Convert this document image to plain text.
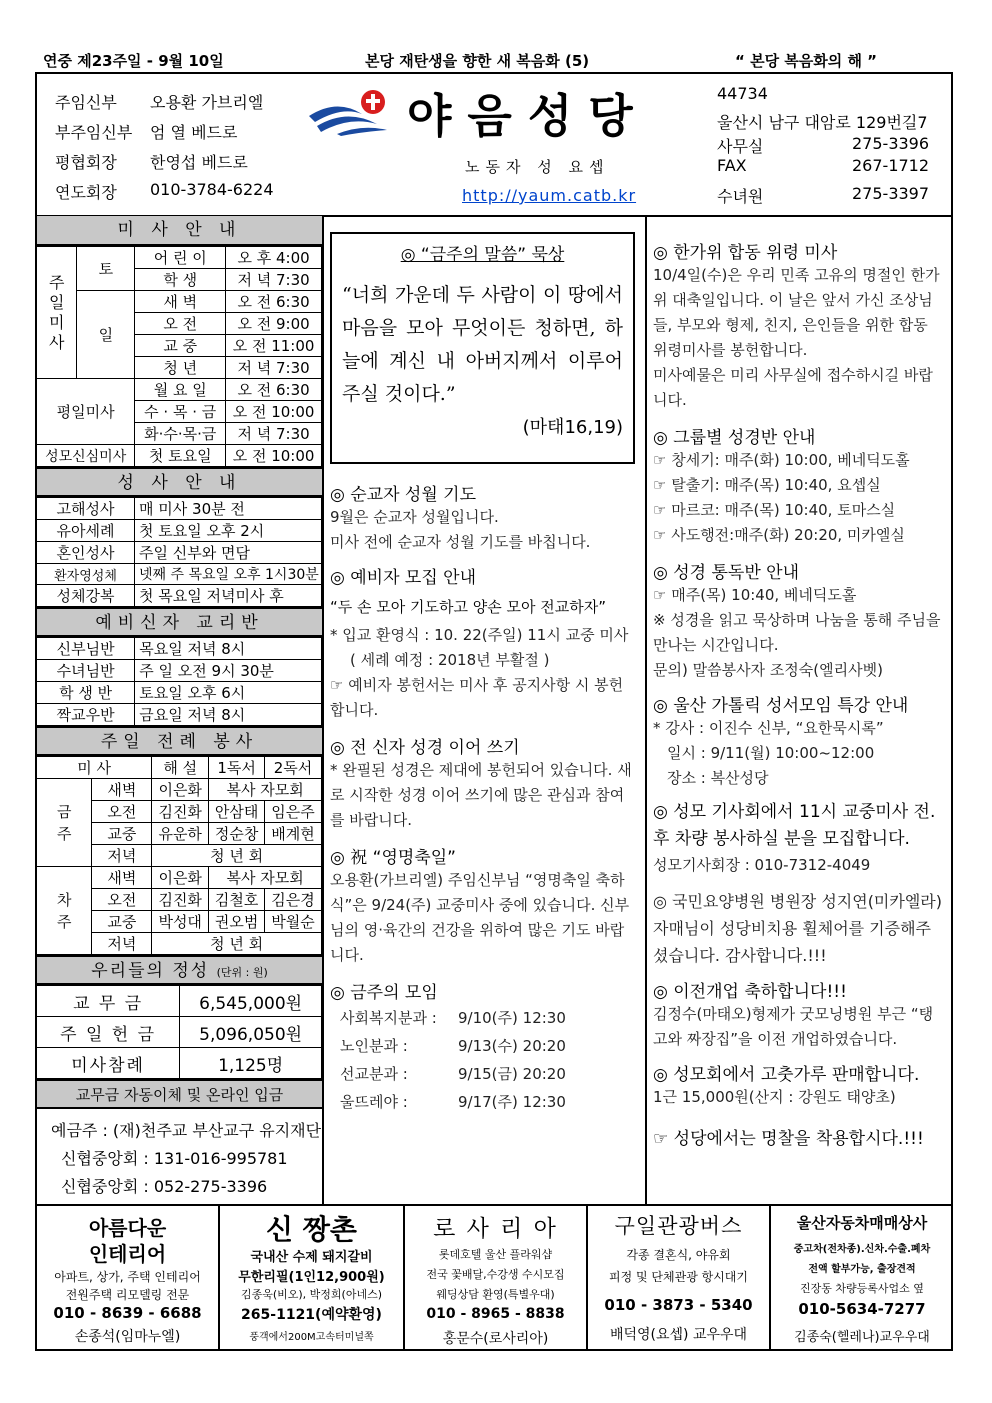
연중 제23주일 - 9월 10일	본당 재탄생을 향한 새 복음화 (5)	“ 본당 복음화의 해 ”
주임신부 오용환 가브리엘
부주임신부 엄 열 베드로
평협회장 한영섭 베드로
연도회장 010-3784-6224
야음성당
노동자 성 요셉
http://yaum.catb.kr
44734
울산시 남구 대암로 129번길7
사무실	275-3396
FAX	267-1712
수녀원	275-3397
미 사 안 내
주일미사	토	어 린 이	오 후 4:00
		학 생	저 녁 7:30
	일	새 벽	오 전 6:30
		오 전	오 전 9:00
		교 중	오 전 11:00
		청 년	저 녁 7:30
평일미사		월 요 일	오 전 6:30
		수 · 목 · 금	오 전 10:00
		화·수·목·금	저 녁 7:30
성모신심미사		첫 토요일	오 전 10:00
성 사 안 내
고해성사	매 미사 30분 전
유아세례	첫 토요일 오후 2시
혼인성사	주일 신부와 면담
환자영성체	넷째 주 목요일 오후 1시30분
성체강복	첫 목요일 저녁미사 후
예비신자 교리반
신부님반	목요일 저녁 8시
수녀님반	주 일 오전 9시 30분
학 생 반	토요일 오후 6시
짝교우반	금요일 저녁 8시
주일 전례 봉사
미 사		해 설	1독서	2독서
금주	새벽	이은화	복사 자모회	
	오전	김진화	안삼태	임은주
	교중	유운하	정순창	배계현
	저녁	청 년 회		
차주	새벽	이은화	복사 자모회	
	오전	김진화	김철호	김은경
	교중	박성대	권오범	박월순
	저녁	청 년 회		
우리들의 정성 (단위 : 원)
교 무 금	6,545,000원
주 일 헌 금	5,096,050원
미사참례	1,125명
교무금 자동이체 및 온라인 입금
예금주 : (재)천주교 부산교구 유지재단
신협중앙회 : 131-016-995781
신협중앙회 : 052-275-3396
◎ “금주의 말씀” 묵상
“너희 가운데 두 사람이 이 땅에서 마음을 모아 무엇이든 청하면, 하늘에 계신 내 아버지께서 이루어 주실 것이다.”
(마태16,19)
◎ 순교자 성월 기도
9월은 순교자 성월입니다.
미사 전에 순교자 성월 기도를 바칩니다.
◎ 예비자 모집 안내
“두 손 모아 기도하고 양손 모아 전교하자”
* 입교 환영식 : 10. 22(주일) 11시 교중 미사
( 세례 예정 : 2018년 부활절 )
☞ 예비자 봉헌서는 미사 후 공지사항 시 봉헌합니다.
◎ 전 신자 성경 이어 쓰기
* 완필된 성경은 제대에 봉헌되어 있습니다. 새로 시작한 성경 이어 쓰기에 많은 관심과 참여를 바랍니다.
◎ 祝 “영명축일”
오용환(가브리엘) 주임신부님 “영명축일 축하식”은 9/24(주) 교중미사 중에 있습니다. 신부님의 영·육간의 건강을 위하여 많은 기도 바랍니다.
◎ 금주의 모임
사회복지분과 : 9/10(주) 12:30
노인분과 :	9/13(수) 20:20
선교분과 :	9/15(금) 20:20
울뜨레야 :	9/17(주) 12:30
◎ 한가위 합동 위령 미사
10/4일(수)은 우리 민족 고유의 명절인 한가위 대축일입니다. 이 날은 앞서 가신 조상님들, 부모와 형제, 친지, 은인들을 위한 합동 위령미사를 봉헌합니다.
미사예물은 미리 사무실에 접수하시길 바랍니다.
◎ 그룹별 성경반 안내
☞ 창세기: 매주(화) 10:00, 베네딕도홀
☞ 탈출기: 매주(목) 10:40, 요셉실
☞ 마르코: 매주(목) 10:40, 토마스실
☞ 사도행전:매주(화) 20:20, 미카엘실
◎ 성경 통독반 안내
☞ 매주(목) 10:40, 베네딕도홀
※ 성경을 읽고 묵상하며 나눔을 통해 주님을 만나는 시간입니다.
문의) 말씀봉사자 조정숙(엘리사벳)
◎ 울산 가톨릭 성서모임 특강 안내
* 강사 : 이진수 신부, “요한묵시록”
일시 : 9/11(월) 10:00~12:00
장소 : 복산성당
◎ 성모 기사회에서 11시 교중미사 전. 후 차량 봉사하실 분을 모집합니다.
성모기사회장 : 010-7312-4049
◎ 국민요양병원 병원장 성지연(미카엘라)자매님이 성당비치용 휠체어를 기증해주셨습니다. 감사합니다.!!!
◎ 이전개업 축하합니다!!!
김정수(마태오)형제가 굿모닝병원 부근 “탱고와 짜장집”을 이전 개업하였습니다.
◎ 성모회에서 고춧가루 판매합니다.
1근 15,000원(산지 : 강원도 태양초)
☞ 성당에서는 명찰을 착용합시다.!!!
아름다운
인테리어
아파트, 상가, 주택 인테리어
전원주택 리모델링 전문
010 - 8639 - 6688
손종석(임마누엘)
신 짱촌
국내산 수제 돼지갈비
무한리필(1인12,900원)
김종욱(비오), 박정희(아네스)
265-1121(예약환영)
풍객에서200M고속터미널쪽
로 사 리 아
롯데호텔 울산 플라워샵
전국 꽃배달,수강생 수시모집
웨딩상담 환영(특별우대)
010 - 8965 - 8838
홍문수(로사리아)
구일관광버스
각종 결혼식, 야유회
피정 및 단체관광 항시대기
010 - 3873 - 5340
배덕영(요셉) 교우우대
울산자동차매매상사
중고차(전차종).신차.수출.폐차
전액 할부가능, 출장견적
진장동 차량등록사업소 옆
010-5634-7277
김종숙(헬레나)교우우대
